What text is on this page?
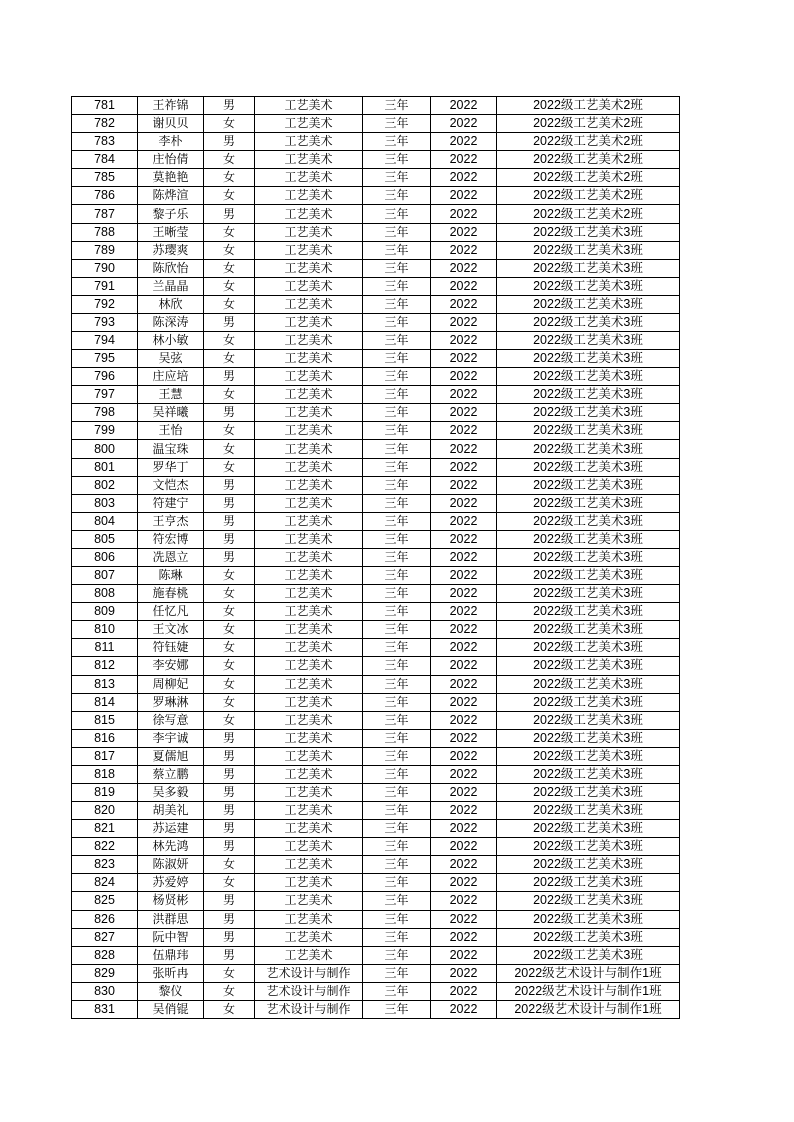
781	王祚锦	男	工艺美术	三年	2022	2022级工艺美术2班
782	谢贝贝	女	工艺美术	三年	2022	2022级工艺美术2班
783	李朴	男	工艺美术	三年	2022	2022级工艺美术2班
784	庄怡倩	女	工艺美术	三年	2022	2022级工艺美术2班
785	莫艳艳	女	工艺美术	三年	2022	2022级工艺美术2班
786	陈烨渲	女	工艺美术	三年	2022	2022级工艺美术2班
787	黎子乐	男	工艺美术	三年	2022	2022级工艺美术2班
788	王晰莹	女	工艺美术	三年	2022	2022级工艺美术3班
789	苏璎爽	女	工艺美术	三年	2022	2022级工艺美术3班
790	陈欣怡	女	工艺美术	三年	2022	2022级工艺美术3班
791	兰晶晶	女	工艺美术	三年	2022	2022级工艺美术3班
792	林欣	女	工艺美术	三年	2022	2022级工艺美术3班
793	陈深涛	男	工艺美术	三年	2022	2022级工艺美术3班
794	林小敏	女	工艺美术	三年	2022	2022级工艺美术3班
795	吴弦	女	工艺美术	三年	2022	2022级工艺美术3班
796	庄应培	男	工艺美术	三年	2022	2022级工艺美术3班
797	王慧	女	工艺美术	三年	2022	2022级工艺美术3班
798	吴祥曦	男	工艺美术	三年	2022	2022级工艺美术3班
799	王怡	女	工艺美术	三年	2022	2022级工艺美术3班
800	温宝珠	女	工艺美术	三年	2022	2022级工艺美术3班
801	罗华丁	女	工艺美术	三年	2022	2022级工艺美术3班
802	文恺杰	男	工艺美术	三年	2022	2022级工艺美术3班
803	符建宁	男	工艺美术	三年	2022	2022级工艺美术3班
804	王亨杰	男	工艺美术	三年	2022	2022级工艺美术3班
805	符宏博	男	工艺美术	三年	2022	2022级工艺美术3班
806	冼恩立	男	工艺美术	三年	2022	2022级工艺美术3班
807	陈琳	女	工艺美术	三年	2022	2022级工艺美术3班
808	施春桃	女	工艺美术	三年	2022	2022级工艺美术3班
809	任忆凡	女	工艺美术	三年	2022	2022级工艺美术3班
810	王文冰	女	工艺美术	三年	2022	2022级工艺美术3班
811	符钰婕	女	工艺美术	三年	2022	2022级工艺美术3班
812	李安娜	女	工艺美术	三年	2022	2022级工艺美术3班
813	周柳妃	女	工艺美术	三年	2022	2022级工艺美术3班
814	罗琳淋	女	工艺美术	三年	2022	2022级工艺美术3班
815	徐写意	女	工艺美术	三年	2022	2022级工艺美术3班
816	李宇诚	男	工艺美术	三年	2022	2022级工艺美术3班
817	夏儒旭	男	工艺美术	三年	2022	2022级工艺美术3班
818	蔡立鹏	男	工艺美术	三年	2022	2022级工艺美术3班
819	吴多毅	男	工艺美术	三年	2022	2022级工艺美术3班
820	胡美礼	男	工艺美术	三年	2022	2022级工艺美术3班
821	苏运建	男	工艺美术	三年	2022	2022级工艺美术3班
822	林先鸿	男	工艺美术	三年	2022	2022级工艺美术3班
823	陈淑妍	女	工艺美术	三年	2022	2022级工艺美术3班
824	苏爱婷	女	工艺美术	三年	2022	2022级工艺美术3班
825	杨贤彬	男	工艺美术	三年	2022	2022级工艺美术3班
826	洪群思	男	工艺美术	三年	2022	2022级工艺美术3班
827	阮中智	男	工艺美术	三年	2022	2022级工艺美术3班
828	伍鼎玮	男	工艺美术	三年	2022	2022级工艺美术3班
829	张昕冉	女	艺术设计与制作	三年	2022	2022级艺术设计与制作1班
830	黎仪	女	艺术设计与制作	三年	2022	2022级艺术设计与制作1班
831	吴俏锟	女	艺术设计与制作	三年	2022	2022级艺术设计与制作1班
